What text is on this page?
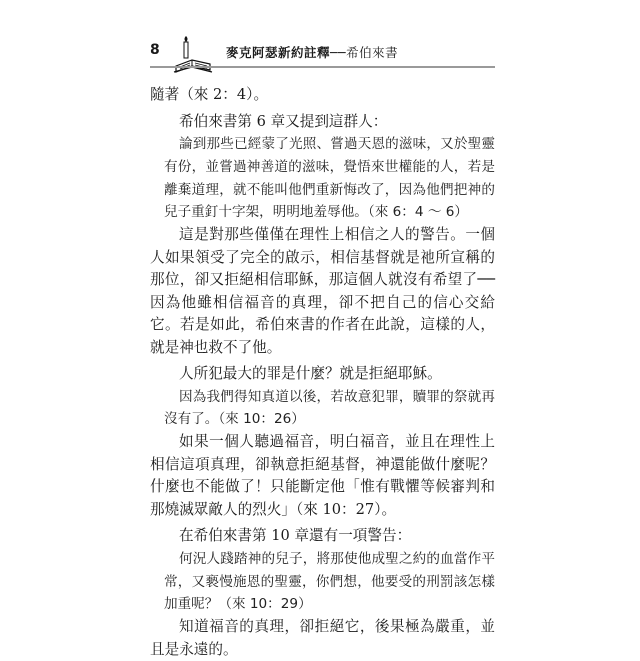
8	麥克阿瑟新約註釋──希伯來書

隨著（來 2：4）。

希伯來書第 6 章又提到這群人：

論到那些已經蒙了光照、嘗過天恩的滋味，又於聖靈有份，並嘗過神善道的滋味，覺悟來世權能的人，若是離棄道理，就不能叫他們重新悔改了，因為他們把神的兒子重釘十字架，明明地羞辱他。（來 6：4 ～ 6）

這是對那些僅僅在理性上相信之人的警告。一個人如果領受了完全的啟示，相信基督就是祂所宣稱的那位，卻又拒絕相信耶穌，那這個人就沒有希望了──因為他雖相信福音的真理，卻不把自己的信心交給它。若是如此，希伯來書的作者在此說，這樣的人，就是神也救不了他。

人所犯最大的罪是什麼？就是拒絕耶穌。

因為我們得知真道以後，若故意犯罪，贖罪的祭就再沒有了。（來 10：26）

如果一個人聽過福音，明白福音，並且在理性上相信這項真理，卻執意拒絕基督，神還能做什麼呢？什麼也不能做了！只能斷定他「惟有戰懼等候審判和那燒滅眾敵人的烈火」（來 10：27）。

在希伯來書第 10 章還有一項警告：

何況人踐踏神的兒子，將那使他成聖之約的血當作平常，又褻慢施恩的聖靈，你們想，他要受的刑罰該怎樣加重呢？（來 10：29）

知道福音的真理，卻拒絕它，後果極為嚴重，並且是永遠的。
